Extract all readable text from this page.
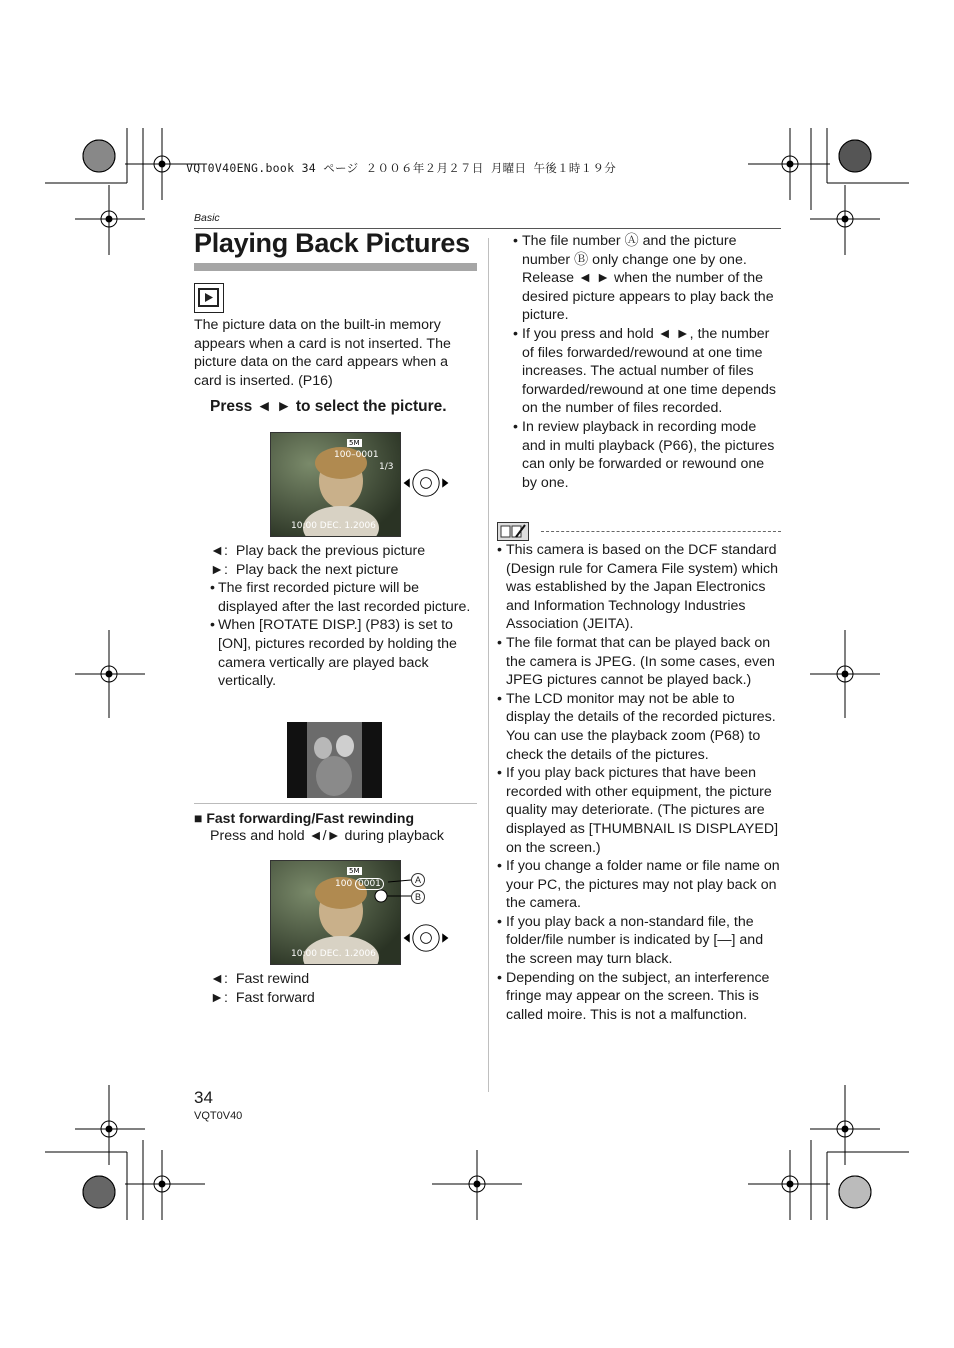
VQT0V40ENG.book 34 ページ ２００６年２月２７日 月曜日 午後１時１９分
Basic
Playing Back Pictures
The picture data on the built-in memory appears when a card is not inserted. The picture data on the card appears when a card is inserted. (P16)
Press ◄ ► to select the picture.
5M
100–0001
1/3
10:00 DEC. 1.2006
◄: Play back the previous picture
►: Play back the next picture
• The first recorded picture will be displayed after the last recorded picture.
• When [ROTATE DISP.] (P83) is set to [ON], pictures recorded by holding the camera vertically are played back vertically.
■ Fast forwarding/Fast rewinding
Press and hold ◄/► during playback
5M
100 0001
10:00 DEC. 1.2006
A
B
◄: Fast rewind
►: Fast forward
• The file number Ⓐ and the picture number Ⓑ only change one by one. Release ◄ ► when the number of the desired picture appears to play back the picture.
• If you press and hold ◄ ►, the number of files forwarded/rewound at one time increases. The actual number of files forwarded/rewound at one time depends on the number of files recorded.
• In review playback in recording mode and in multi playback (P66), the pictures can only be forwarded or rewound one by one.

• This camera is based on the DCF standard (Design rule for Camera File system) which was established by the Japan Electronics and Information Technology Industries Association (JEITA).
• The file format that can be played back on the camera is JPEG. (In some cases, even JPEG pictures cannot be played back.)
• The LCD monitor may not be able to display the details of the recorded pictures. You can use the playback zoom (P68) to check the details of the pictures.
• If you play back pictures that have been recorded with other equipment, the picture quality may deteriorate. (The pictures are displayed as [THUMBNAIL IS DISPLAYED] on the screen.)
• If you change a folder name or file name on your PC, the pictures may not play back on the camera.
• If you play back a non-standard file, the folder/file number is indicated by [—] and the screen may turn black.
• Depending on the subject, an interference fringe may appear on the screen. This is called moire. This is not a malfunction.
34
VQT0V40
